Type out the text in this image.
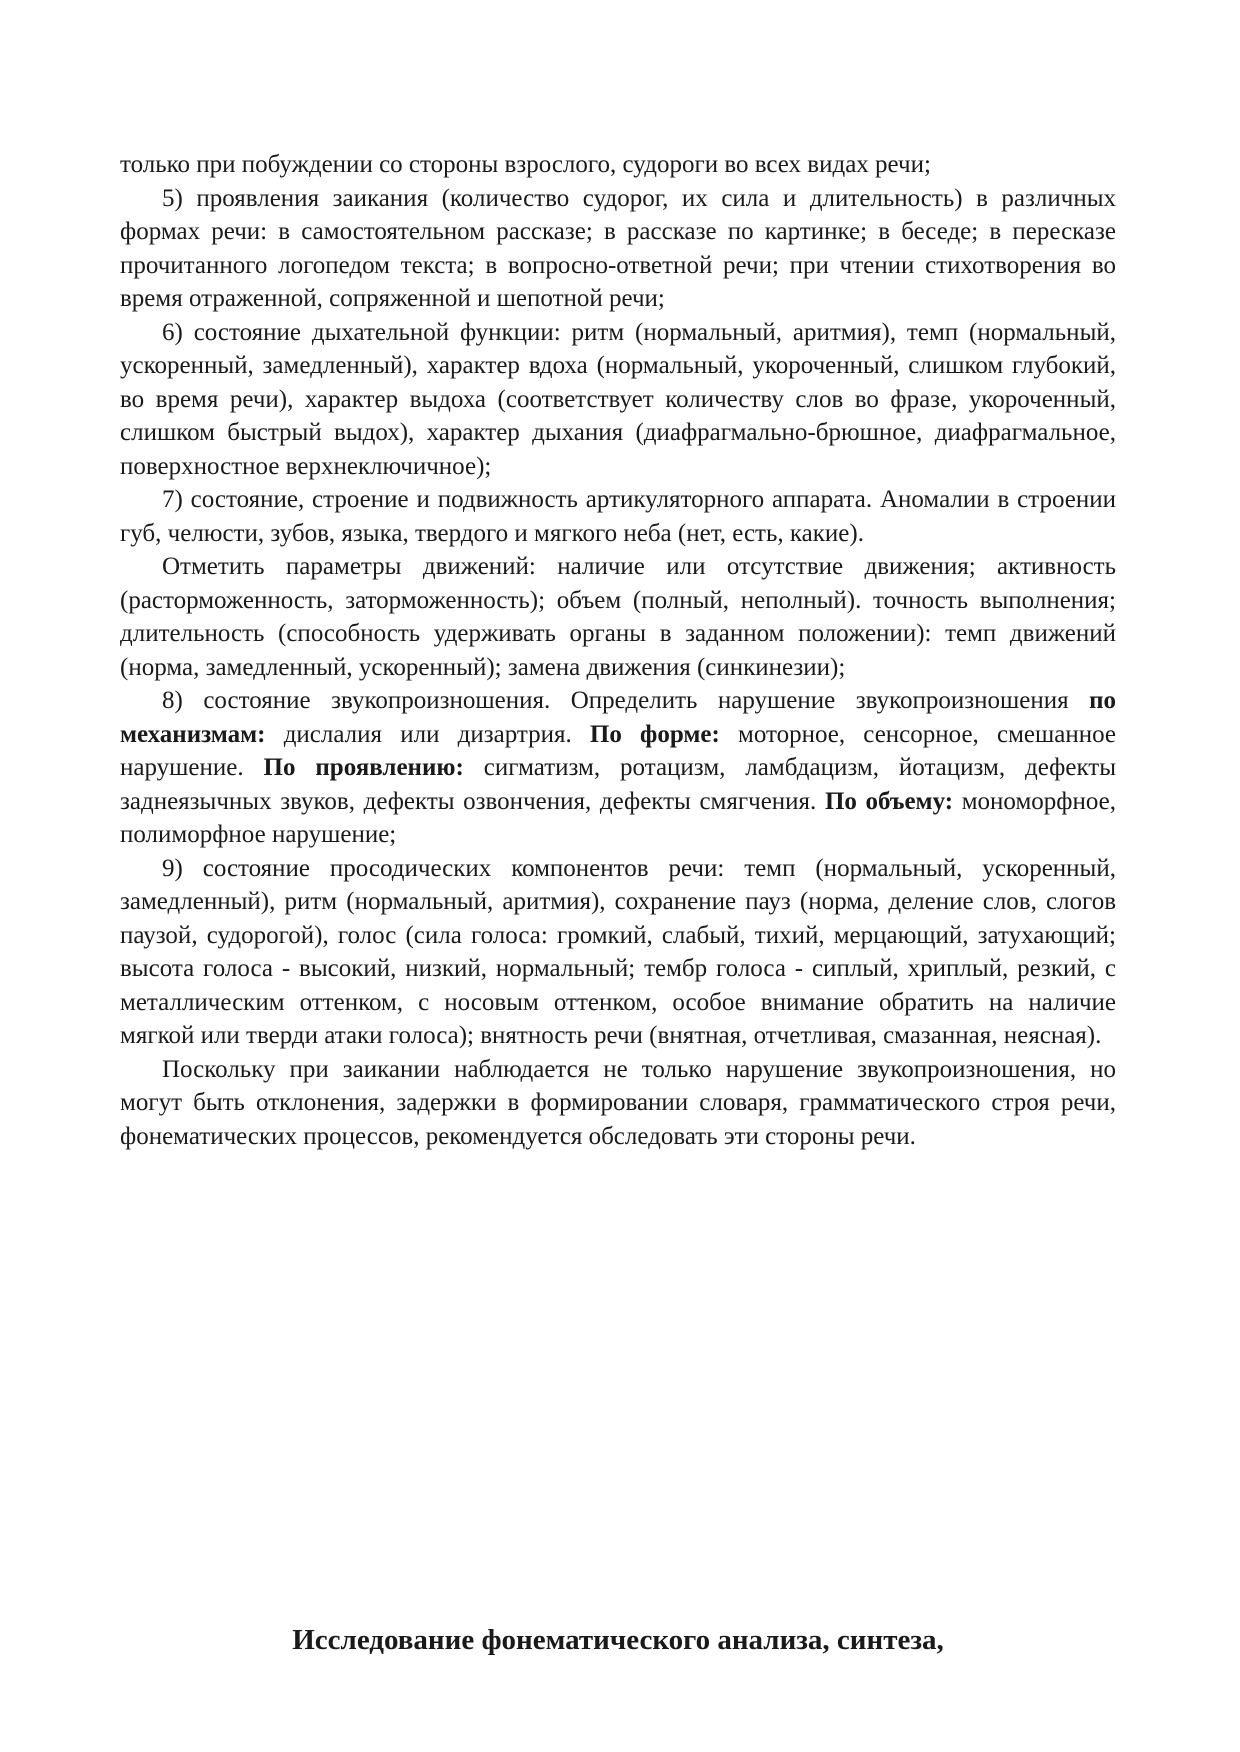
только при побуждении со стороны взрослого, судороги во всех видах речи;

5) проявления заикания (количество судорог, их сила и длительность) в различных формах речи: в самостоятельном рассказе; в рассказе по картинке; в беседе; в пересказе прочитанного логопедом текста; в вопросно-ответной речи; при чтении стихотворения во время отраженной, сопряженной и шепотной речи;

6) состояние дыхательной функции: ритм (нормальный, аритмия), темп (нормальный, ускоренный, замедленный), характер вдоха (нормальный, укороченный, слишком глубокий, во время речи), характер выдоха (соответствует количеству слов во фразе, укороченный, слишком быстрый выдох), характер дыхания (диафрагмально-брюшное, диафрагмальное, поверхностное верхнеключичное);

7) состояние, строение и подвижность артикуляторного аппарата. Аномалии в строении губ, челюсти, зубов, языка, твердого и мягкого неба (нет, есть, какие).

Отметить параметры движений: наличие или отсутствие движения; активность (расторможенность, заторможенность); объем (полный, неполный). точность выполнения; длительность (способность удерживать органы в заданном положении): темп движений (норма, замедленный, ускоренный); замена движения (синкинезии);

8) состояние звукопроизношения. Определить нарушение звукопроизношения по механизмам: дислалия или дизартрия. По форме: моторное, сенсорное, смешанное нарушение. По проявлению: сигматизм, ротацизм, ламбдацизм, йотацизм, дефекты заднеязычных звуков, дефекты озвончения, дефекты смягчения. По объему: мономорфное, полиморфное нарушение;

9) состояние просодических компонентов речи: темп (нормальный, ускоренный, замедленный), ритм (нормальный, аритмия), сохранение пауз (норма, деление слов, слогов паузой, судорогой), голос (сила голоса: громкий, слабый, тихий, мерцающий, затухающий; высота голоса - высокий, низкий, нормальный; тембр голоса - сиплый, хриплый, резкий, с металлическим оттенком, с носовым оттенком, особое внимание обратить на наличие мягкой или тверди атаки голоса); внятность речи (внятная, отчетливая, смазанная, неясная).

Поскольку при заикании наблюдается не только нарушение звукопроизношения, но могут быть отклонения, задержки в формировании словаря, грамматического строя речи, фонематических процессов, рекомендуется обследовать эти стороны речи.

Исследование фонематического анализа, синтеза,
